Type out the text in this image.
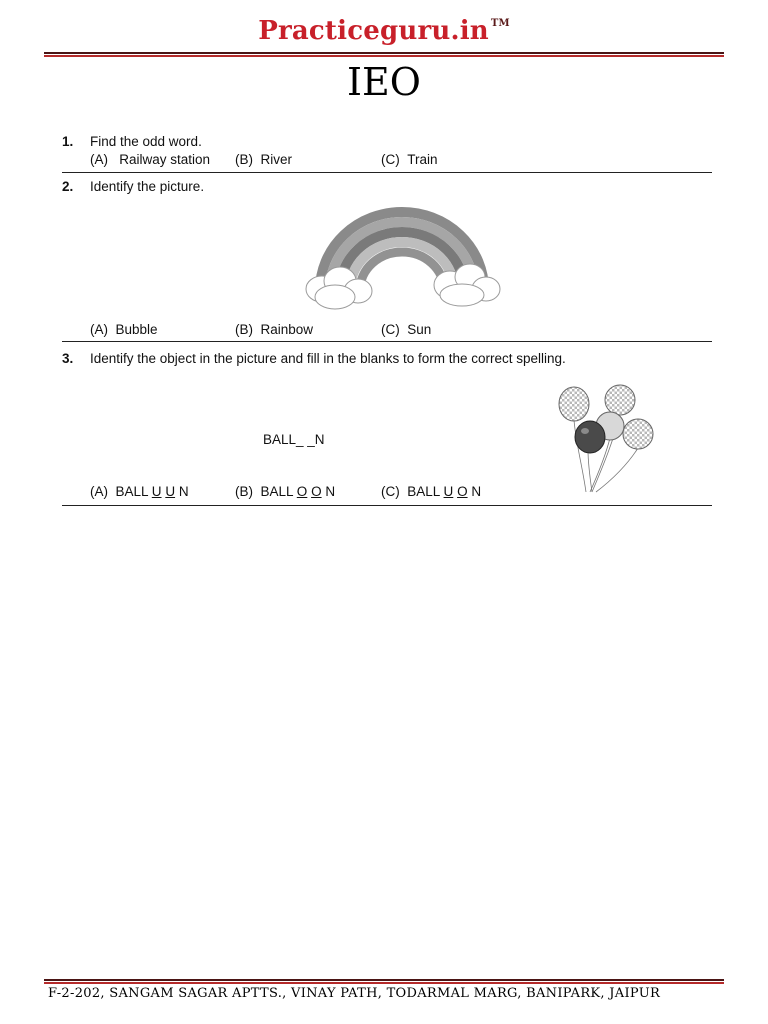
Practiceguru.in ™
IEO
1. Find the odd word.
(A) Railway station (B) River	(C) Train
2. Identify the picture.
(A) Bubble	(B) Rainbow	(C) Sun
3. Identify the object in the picture and fill in the blanks to form the correct spelling.
BALL_ _N
(A) BALL U U N	(B) BALL O O N	(C) BALL U O N
F-2-202, SANGAM SAGAR APTTS., VINAY PATH, TODARMAL MARG, BANIPARK, JAIPUR
